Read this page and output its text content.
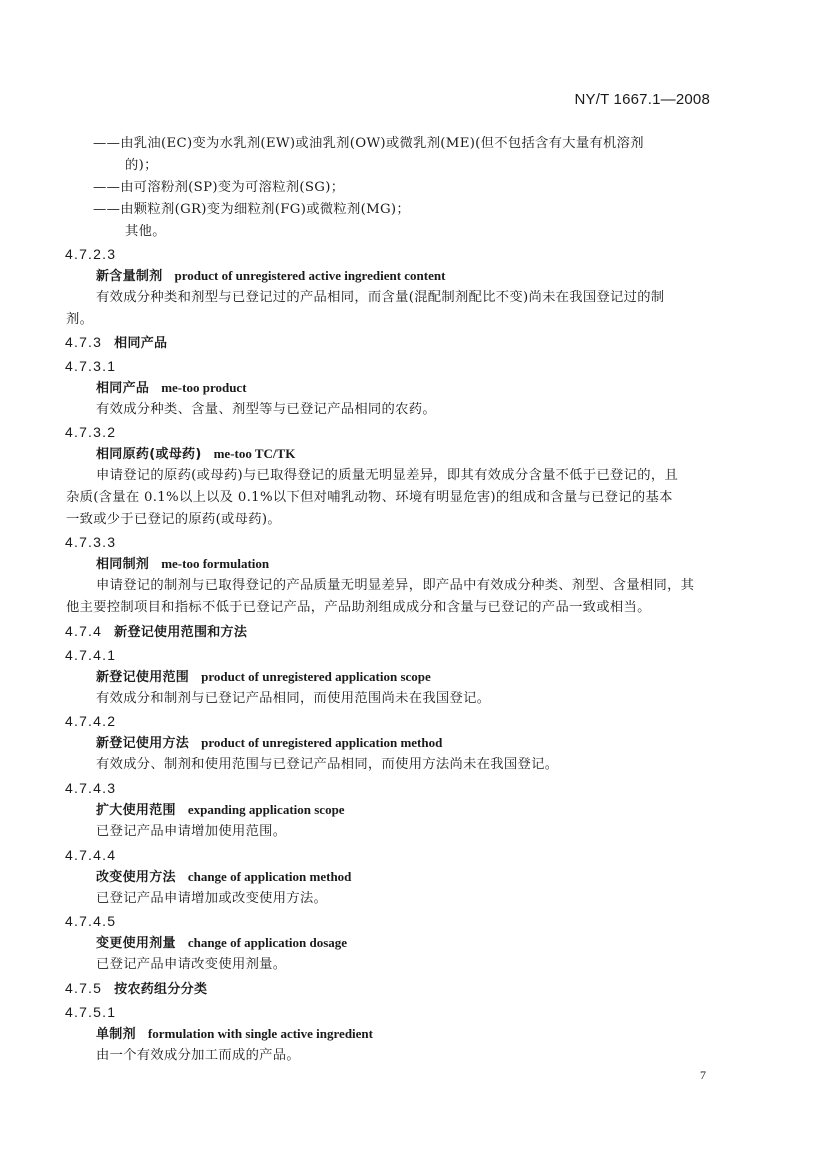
NY/T 1667.1—2008
——由乳油(EC)变为水乳剂(EW)或油乳剂(OW)或微乳剂(ME)(但不包括含有大量有机溶剂
的)；
——由可溶粉剂(SP)变为可溶粒剂(SG)；
——由颗粒剂(GR)变为细粒剂(FG)或微粒剂(MG)；
其他。
4.7.2.3
新含量制剂 product of unregistered active ingredient content
有效成分种类和剂型与已登记过的产品相同，而含量(混配制剂配比不变)尚未在我国登记过的制
剂。
4.7.3 相同产品
4.7.3.1
相同产品 me-too product
有效成分种类、含量、剂型等与已登记产品相同的农药。
4.7.3.2
相同原药(或母药) me-too TC/TK
申请登记的原药(或母药)与已取得登记的质量无明显差异，即其有效成分含量不低于已登记的，且
杂质(含量在 0.1%以上以及 0.1%以下但对哺乳动物、环境有明显危害)的组成和含量与已登记的基本
一致或少于已登记的原药(或母药)。
4.7.3.3
相同制剂 me-too formulation
申请登记的制剂与已取得登记的产品质量无明显差异，即产品中有效成分种类、剂型、含量相同，其
他主要控制项目和指标不低于已登记产品，产品助剂组成成分和含量与已登记的产品一致或相当。
4.7.4 新登记使用范围和方法
4.7.4.1
新登记使用范围 product of unregistered application scope
有效成分和制剂与已登记产品相同，而使用范围尚未在我国登记。
4.7.4.2
新登记使用方法 product of unregistered application method
有效成分、制剂和使用范围与已登记产品相同，而使用方法尚未在我国登记。
4.7.4.3
扩大使用范围 expanding application scope
已登记产品申请增加使用范围。
4.7.4.4
改变使用方法 change of application method
已登记产品申请增加或改变使用方法。
4.7.4.5
变更使用剂量 change of application dosage
已登记产品申请改变使用剂量。
4.7.5 按农药组分分类
4.7.5.1
单制剂 formulation with single active ingredient
由一个有效成分加工而成的产品。
7
